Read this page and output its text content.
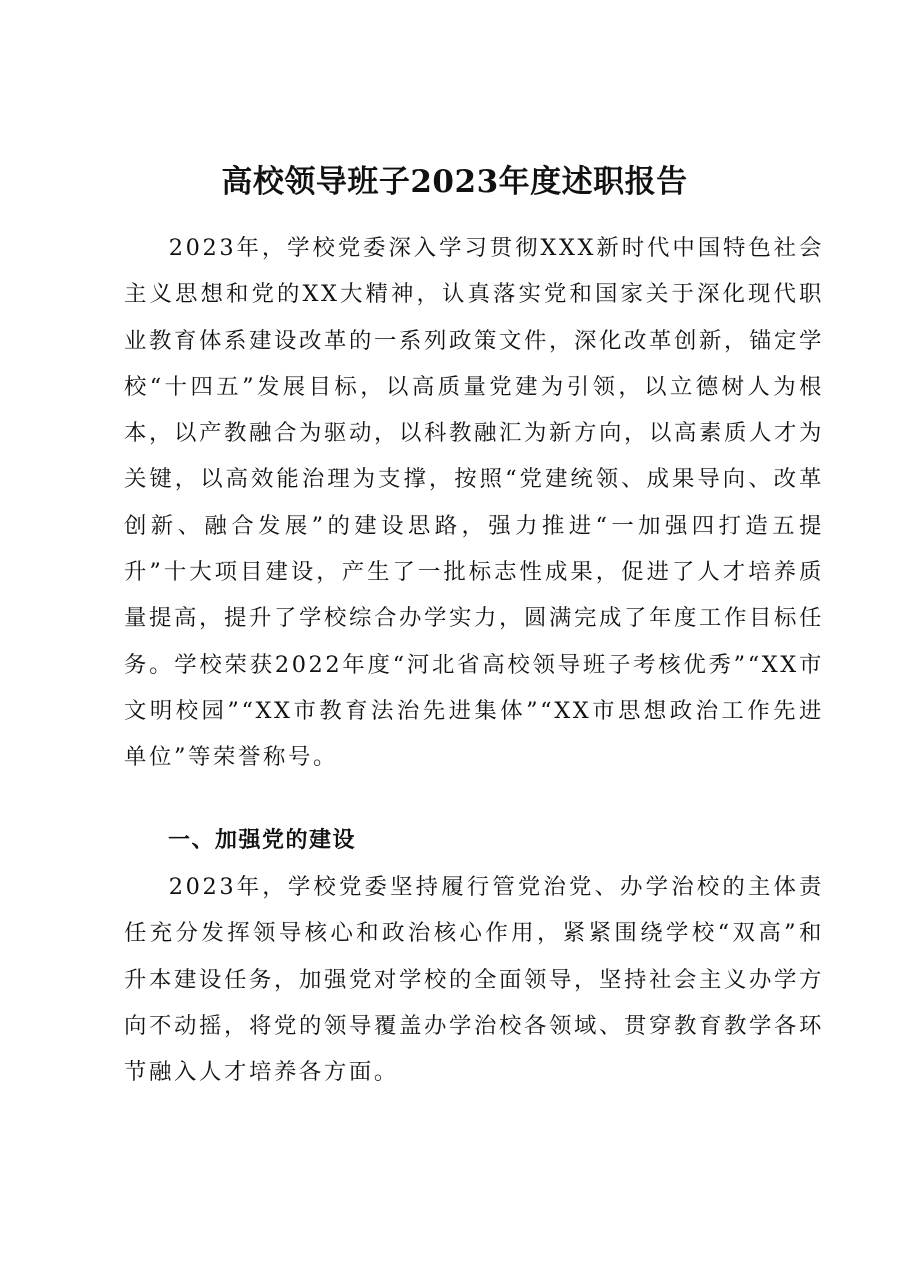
高校领导班子2023年度述职报告

2023年，学校党委深入学习贯彻XXX新时代中国特色社会主义思想和党的XX大精神，认真落实党和国家关于深化现代职业教育体系建设改革的一系列政策文件，深化改革创新，锚定学校“十四五”发展目标，以高质量党建为引领，以立德树人为根本，以产教融合为驱动，以科教融汇为新方向，以高素质人才为关键，以高效能治理为支撑，按照“党建统领、成果导向、改革创新、融合发展”的建设思路，强力推进“一加强四打造五提升”十大项目建设，产生了一批标志性成果，促进了人才培养质量提高，提升了学校综合办学实力，圆满完成了年度工作目标任务。学校荣获2022年度“河北省高校领导班子考核优秀”“XX市文明校园”“XX市教育法治先进集体”“XX市思想政治工作先进单位”等荣誉称号。

一、加强党的建设

2023年，学校党委坚持履行管党治党、办学治校的主体责任充分发挥领导核心和政治核心作用，紧紧围绕学校“双高”和升本建设任务，加强党对学校的全面领导，坚持社会主义办学方向不动摇，将党的领导覆盖办学治校各领域、贯穿教育教学各环节融入人才培养各方面。
